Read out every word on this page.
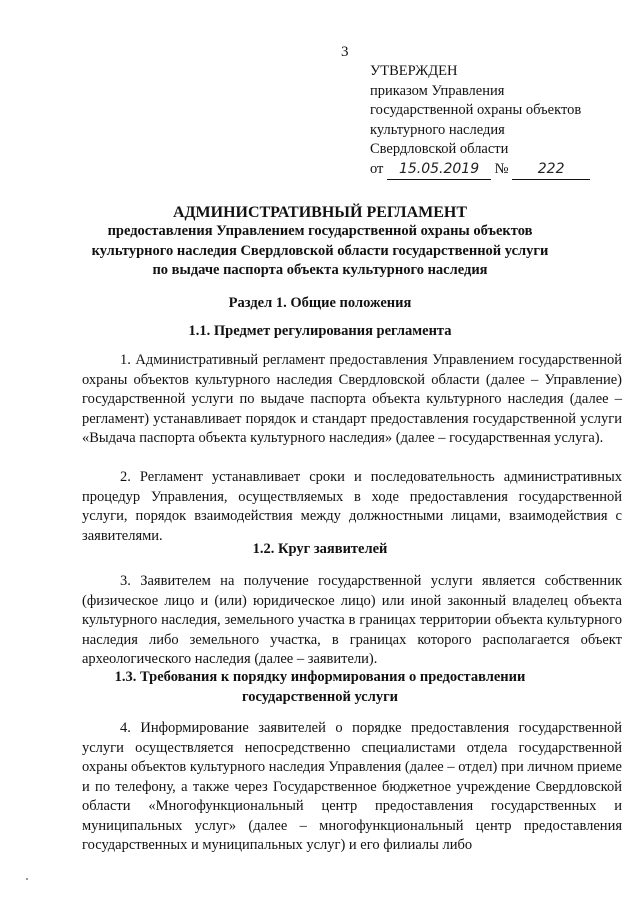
3
УТВЕРЖДЕН
приказом Управления
государственной охраны объектов
культурного наследия
Свердловской области
от 15.05.2019 № 222
АДМИНИСТРАТИВНЫЙ РЕГЛАМЕНТ
предоставления Управлением государственной охраны объектов
культурного наследия Свердловской области государственной услуги
по выдаче паспорта объекта культурного наследия
Раздел 1. Общие положения
1.1. Предмет регулирования регламента
1. Административный регламент предоставления Управлением государственной охраны объектов культурного наследия Свердловской области (далее – Управление) государственной услуги по выдаче паспорта объекта культурного наследия (далее – регламент) устанавливает порядок и стандарт предоставления государственной услуги «Выдача паспорта объекта культурного наследия» (далее – государственная услуга).
2. Регламент устанавливает сроки и последовательность административных процедур Управления, осуществляемых в ходе предоставления государственной услуги, порядок взаимодействия между должностными лицами, взаимодействия с заявителями.
1.2. Круг заявителей
3. Заявителем на получение государственной услуги является собственник (физическое лицо и (или) юридическое лицо) или иной законный владелец объекта культурного наследия, земельного участка в границах территории объекта культурного наследия либо земельного участка, в границах которого располагается объект археологического наследия (далее – заявители).
1.3. Требования к порядку информирования о предоставлении
государственной услуги
4. Информирование заявителей о порядке предоставления государственной услуги осуществляется непосредственно специалистами отдела государственной охраны объектов культурного наследия Управления (далее – отдел) при личном приеме и по телефону, а также через Государственное бюджетное учреждение Свердловской области «Многофункциональный центр предоставления государственных и муниципальных услуг» (далее – многофункциональный центр предоставления государственных и муниципальных услуг) и его филиалы либо
